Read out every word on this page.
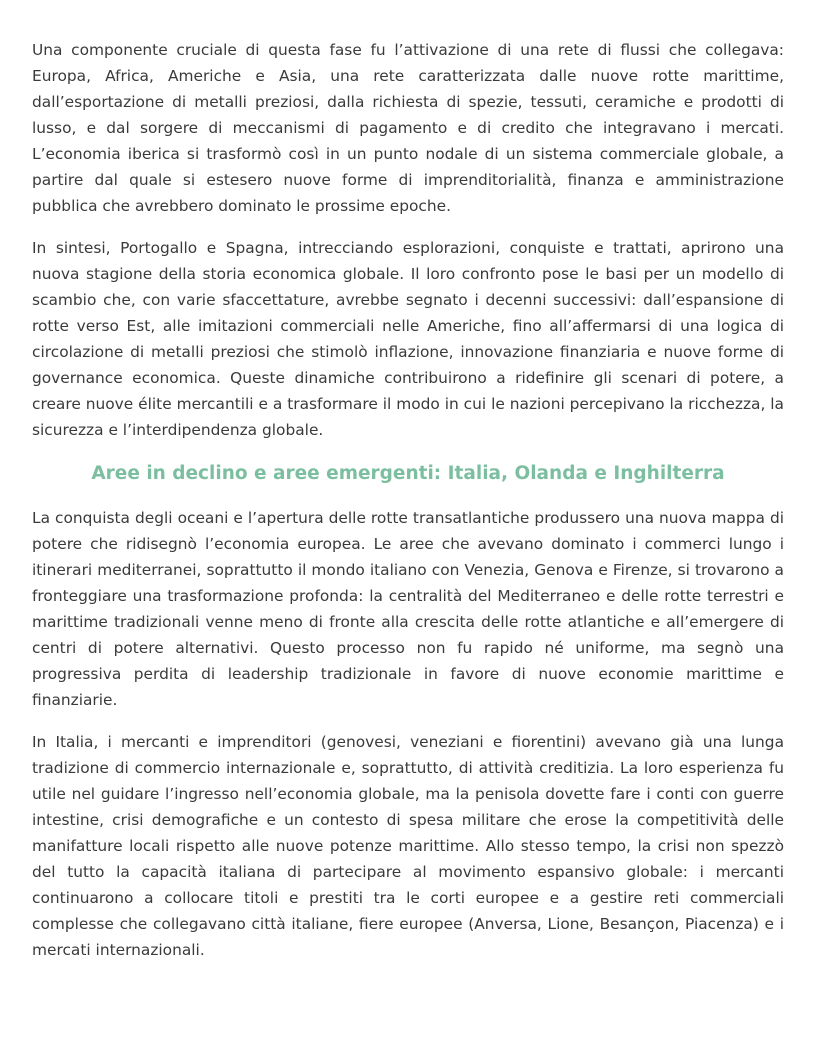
Una componente cruciale di questa fase fu l’attivazione di una rete di flussi che collegava: Europa, Africa, Americhe e Asia, una rete caratterizzata dalle nuove rotte marittime, dall’esportazione di metalli preziosi, dalla richiesta di spezie, tessuti, ceramiche e prodotti di lusso, e dal sorgere di meccanismi di pagamento e di credito che integravano i mercati. L’economia iberica si trasformò così in un punto nodale di un sistema commerciale globale, a partire dal quale si estesero nuove forme di imprenditorialità, finanza e amministrazione pubblica che avrebbero dominato le prossime epoche.

In sintesi, Portogallo e Spagna, intrecciando esplorazioni, conquiste e trattati, aprirono una nuova stagione della storia economica globale. Il loro confronto pose le basi per un modello di scambio che, con varie sfaccettature, avrebbe segnato i decenni successivi: dall’espansione di rotte verso Est, alle imitazioni commerciali nelle Americhe, fino all’affermarsi di una logica di circolazione di metalli preziosi che stimolò inflazione, innovazione finanziaria e nuove forme di governance economica. Queste dinamiche contribuirono a ridefinire gli scenari di potere, a creare nuove élite mercantili e a trasformare il modo in cui le nazioni percepivano la ricchezza, la sicurezza e l’interdipendenza globale.

Aree in declino e aree emergenti: Italia, Olanda e Inghilterra

La conquista degli oceani e l’apertura delle rotte transatlantiche produssero una nuova mappa di potere che ridisegnò l’economia europea. Le aree che avevano dominato i commerci lungo i itinerari mediterranei, soprattutto il mondo italiano con Venezia, Genova e Firenze, si trovarono a fronteggiare una trasformazione profonda: la centralità del Mediterraneo e delle rotte terrestri e marittime tradizionali venne meno di fronte alla crescita delle rotte atlantiche e all’emergere di centri di potere alternativi. Questo processo non fu rapido né uniforme, ma segnò una progressiva perdita di leadership tradizionale in favore di nuove economie marittime e finanziarie.

In Italia, i mercanti e imprenditori (genovesi, veneziani e fiorentini) avevano già una lunga tradizione di commercio internazionale e, soprattutto, di attività creditizia. La loro esperienza fu utile nel guidare l’ingresso nell’economia globale, ma la penisola dovette fare i conti con guerre intestine, crisi demografiche e un contesto di spesa militare che erose la competitività delle manifatture locali rispetto alle nuove potenze marittime. Allo stesso tempo, la crisi non spezzò del tutto la capacità italiana di partecipare al movimento espansivo globale: i mercanti continuarono a collocare titoli e prestiti tra le corti europee e a gestire reti commerciali complesse che collegavano città italiane, fiere europee (Anversa, Lione, Besançon, Piacenza) e i mercati internazionali.
